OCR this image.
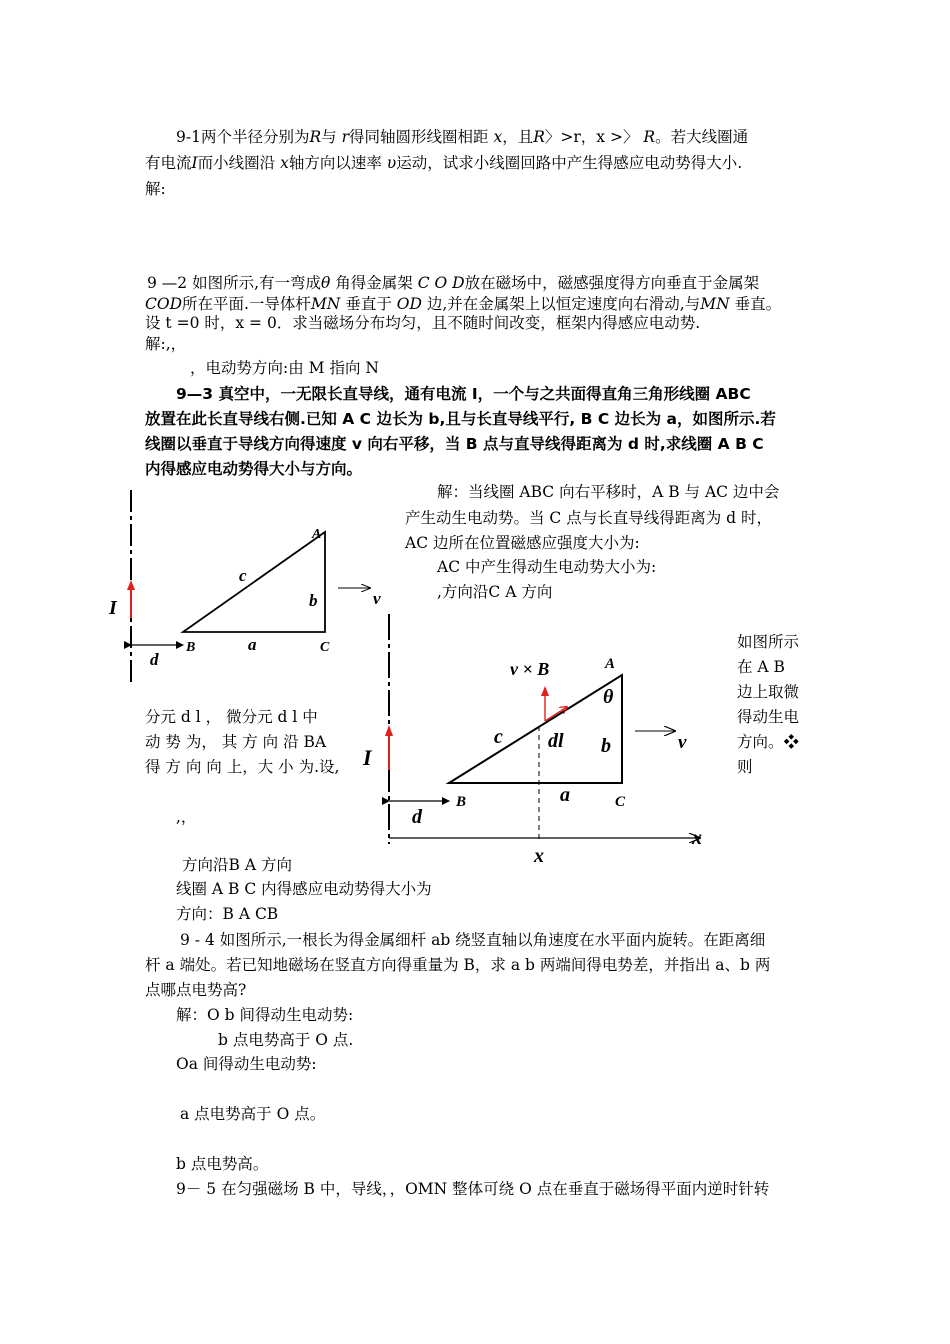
9-1两个半径分别为R与 r得同轴圆形线圈相距 x，且R〉>r，x >〉 R。若大线圈通
有电流I而小线圈沿 x轴方向以速率 υ运动，试求小线圈回路中产生得感应电动势得大小.
解:
9 —2 如图所示,有一弯成θ 角得金属架 C O D放在磁场中，磁感强度得方向垂直于金属架
COD所在平面.一导体杆MN 垂直于 OD 边,并在金属架上以恒定速度向右滑动,与MN 垂直。
设 t =0 时，x = 0．求当磁场分布均匀，且不随时间改变，框架内得感应电动势.
解:,，
，电动势方向:由 M 指向 N
9—3 真空中，一无限长直导线，通有电流 I，一个与之共面得直角三角形线圈 ABC
放置在此长直导线右侧.已知 A C 边长为 b,且与长直导线平行, B C 边长为 a，如图所示.若
线圈以垂直于导线方向得速度 v 向右平移，当 B 点与直导线得距离为 d 时,求线圈 A B C
内得感应电动势得大小与方向。
解：当线圈 ABC 向右平移时，A B 与 AC 边中会
产生动生电动势。当 C 点与长直导线得距离为 d 时，
AC 边所在位置磁感应强度大小为:
AC 中产生得动生电动势大小为:
,方向沿C A 方向
如图所示
在 A B
边上取微
得动生电
方向。❖
则
分元 d l ， 微分元 d l 中
动 势 为， 其 方 向 沿 BA
得 方 向 向 上，大 小 为.设,
,，
A
B	C
c
b
a
d
I	v
v × B	A
θ
c dl b
I
v
B	a	C
d
x
x
方向沿B A 方向
线圈 A B C 内得感应电动势得大小为
方向：B A CB
9 - 4 如图所示,一根长为得金属细杆 ab 绕竖直轴以角速度在水平面内旋转。在距离细
杆 a 端处。若已知地磁场在竖直方向得重量为 B，求 a b 两端间得电势差，并指出 a、b 两
点哪点电势高?
解：O b 间得动生电动势:
b 点电势高于 O 点.
Oa 间得动生电动势:
a 点电势高于 O 点。
b 点电势高。
9－ 5 在匀强磁场 B 中，导线，，OMN 整体可绕 O 点在垂直于磁场得平面内逆时针转
